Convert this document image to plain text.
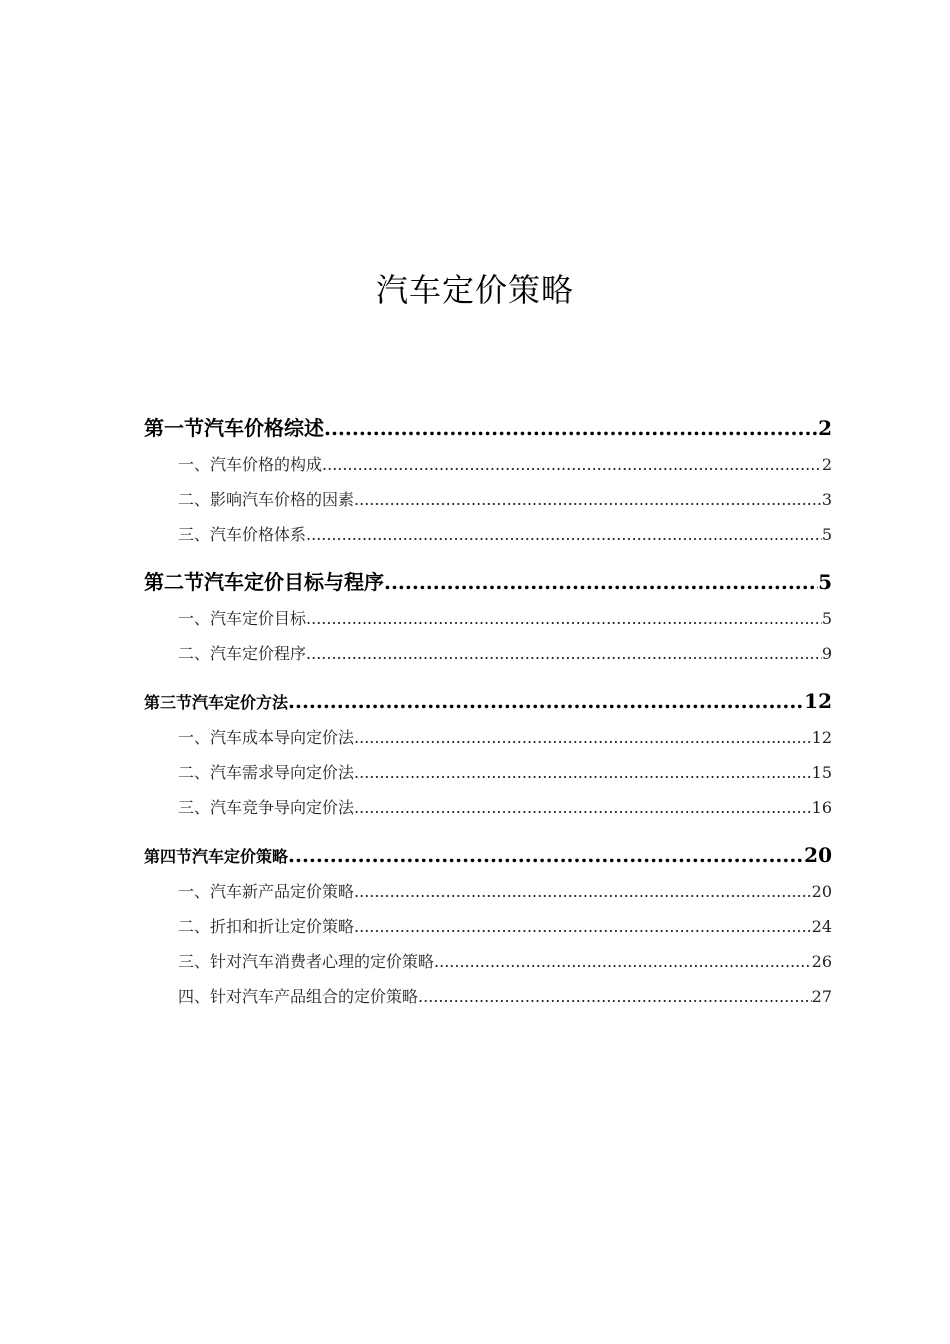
汽车定价策略
第一节汽车价格综述 .....	2
一、汽车价格的构成 .....	2
二、影响汽车价格的因素 .....	3
三、汽车价格体系 .....	5
第二节汽车定价目标与程序 .....	5
一、汽车定价目标 .....	5
二、汽车定价程序 .....	9
第三节汽车定价方法 .....	12
一、汽车成本导向定价法 .....	12
二、汽车需求导向定价法 .....	15
三、汽车竞争导向定价法 .....	16
第四节汽车定价策略 .....	20
一、汽车新产品定价策略 .....	20
二、折扣和折让定价策略 .....	24
三、针对汽车消费者心理的定价策略 .....	26
四、针对汽车产品组合的定价策略 .....	27
